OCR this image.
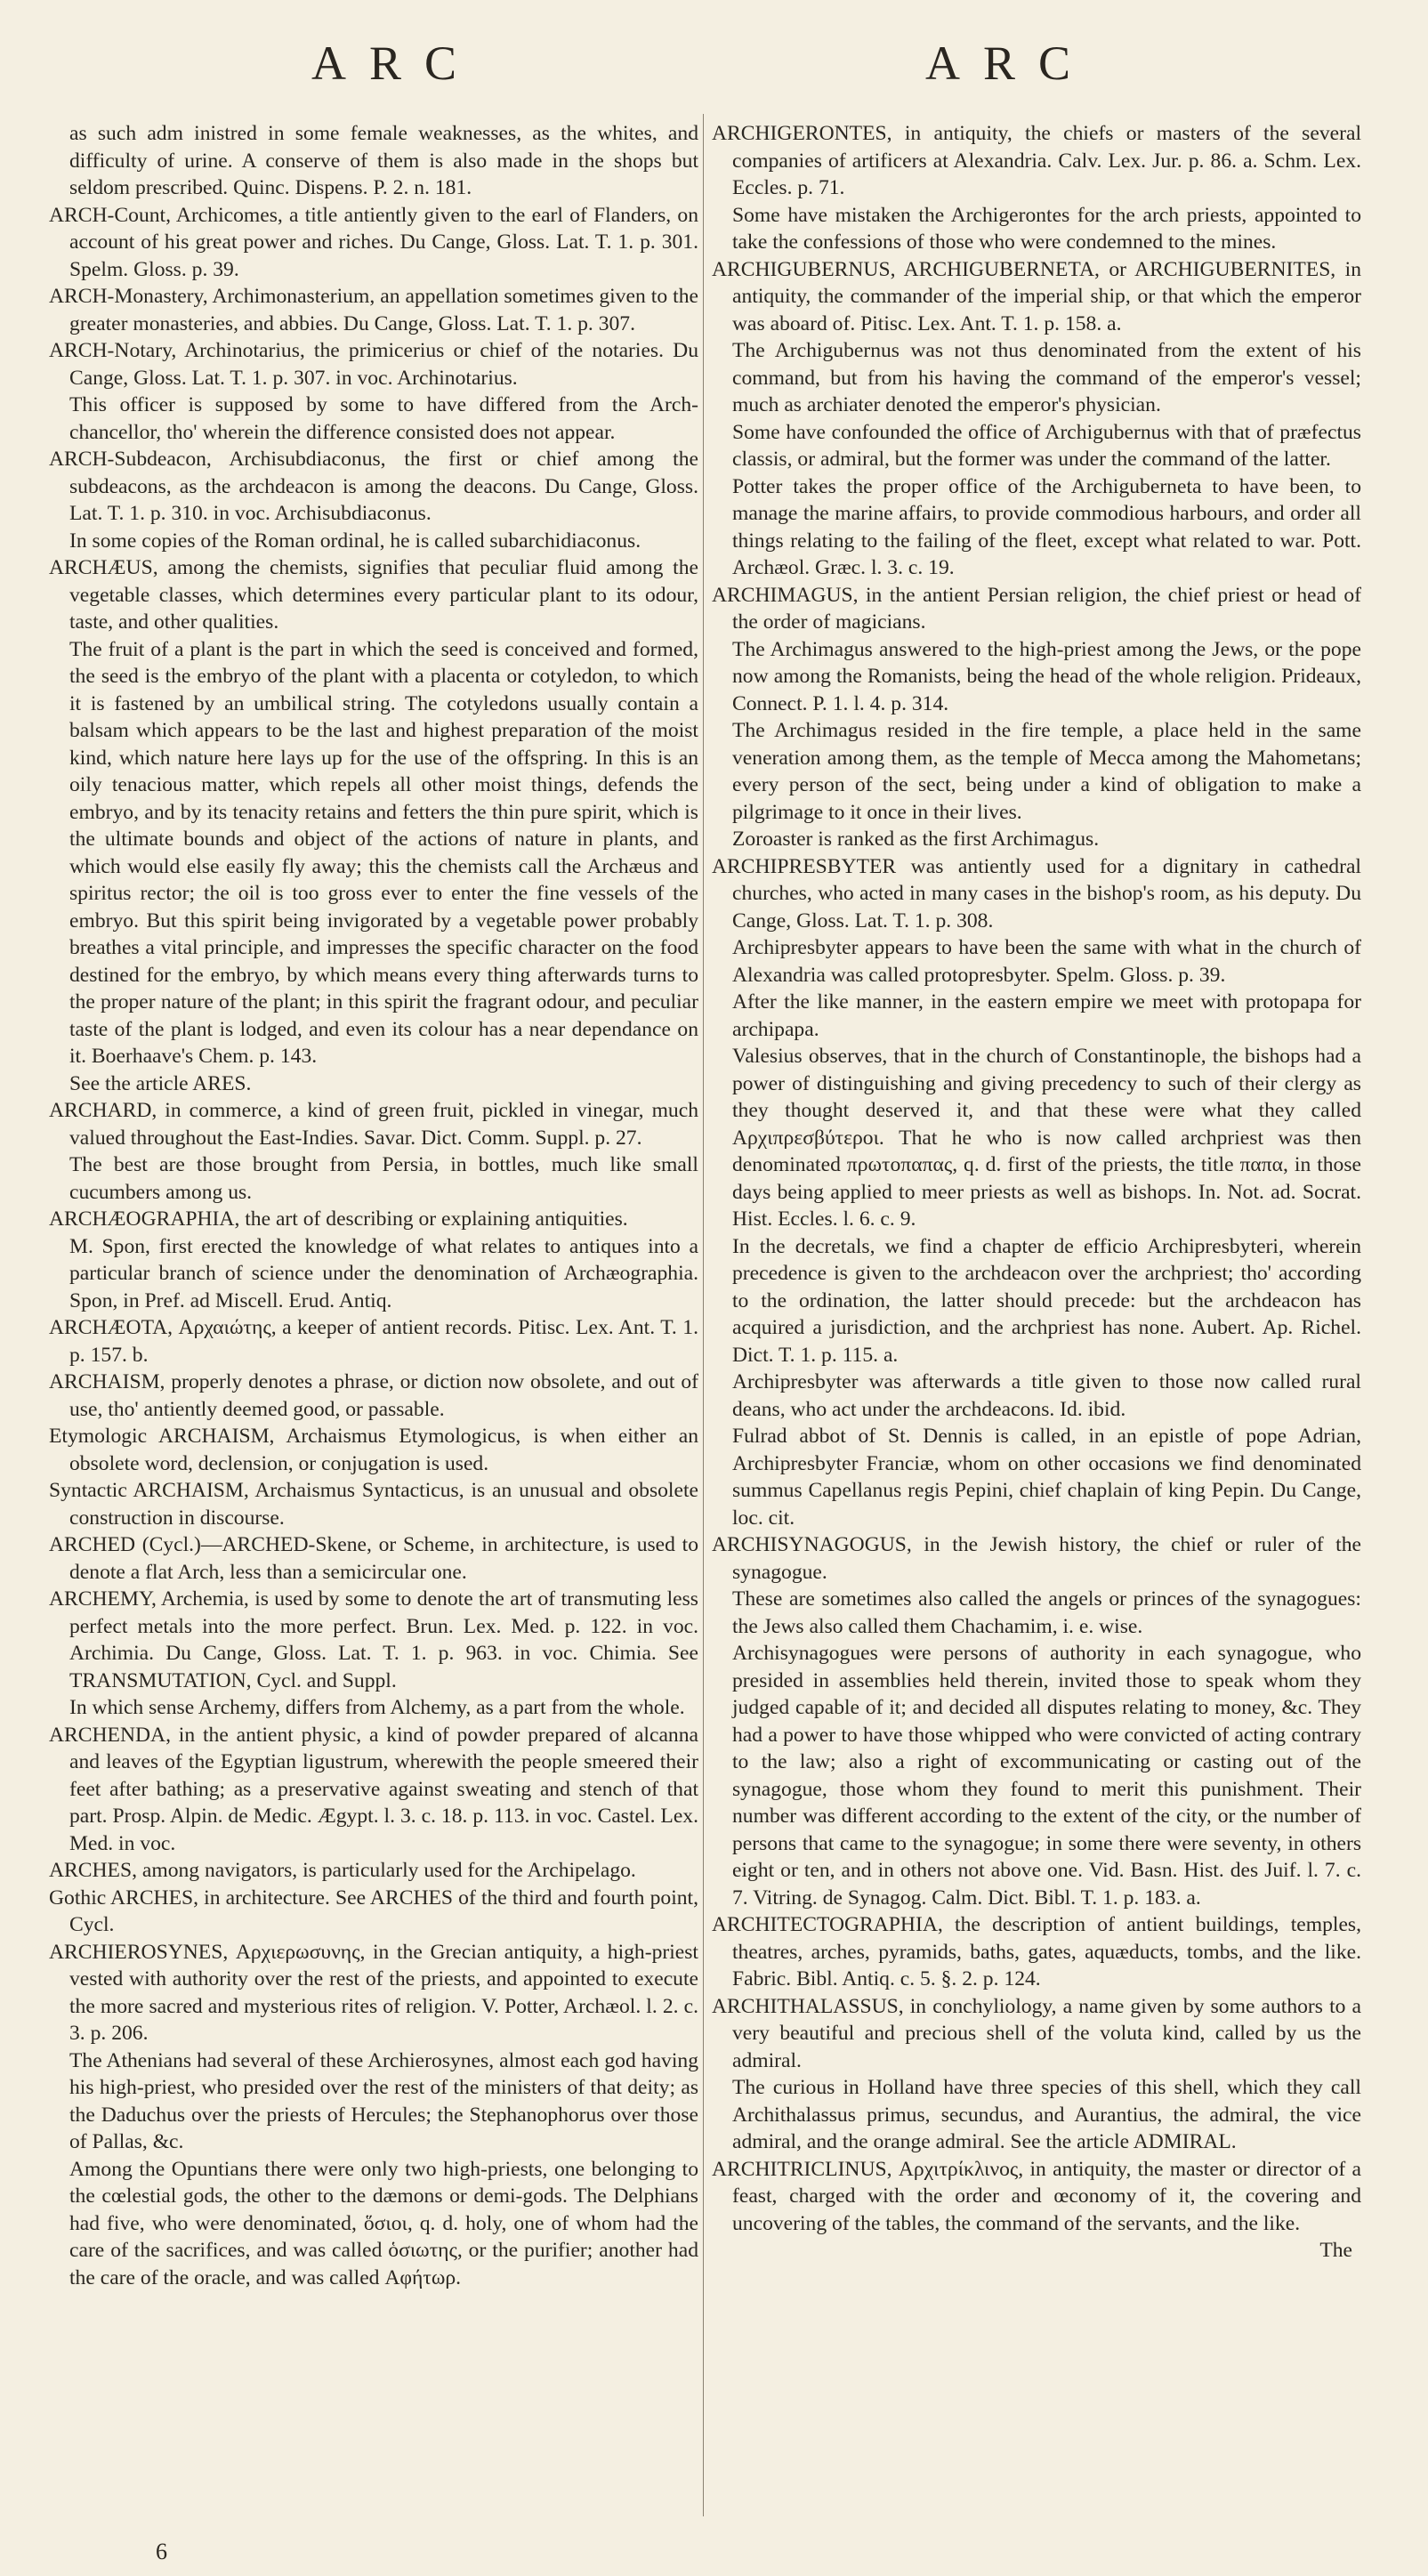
ARC	ARC

as such adm inistred in some female weaknesses, as the whites, and difficulty of urine. A conserve of them is also made in the shops but seldom prescribed. Quinc. Dispens. P. 2. n. 181.

ARCH-Count, Archicomes, a title antiently given to the earl of Flanders, on account of his great power and riches. Du Cange, Gloss. Lat. T. 1. p. 301. Spelm. Gloss. p. 39.

ARCH-Monastery, Archimonasterium, an appellation sometimes given to the greater monasteries, and abbies. Du Cange, Gloss. Lat. T. 1. p. 307.

ARCH-Notary, Archinotarius, the primicerius or chief of the notaries. Du Cange, Gloss. Lat. T. 1. p. 307. in voc. Archinotarius.

This officer is supposed by some to have differed from the Arch-chancellor, tho' wherein the difference consisted does not appear.

ARCH-Subdeacon, Archisubdiaconus, the first or chief among the subdeacons, as the archdeacon is among the deacons. Du Cange, Gloss. Lat. T. 1. p. 310. in voc. Archisubdiaconus.

In some copies of the Roman ordinal, he is called subarchidiaconus.

ARCHÆUS, among the chemists, signifies that peculiar fluid among the vegetable classes, which determines every particular plant to its odour, taste, and other qualities.

The fruit of a plant is the part in which the seed is conceived and formed, the seed is the embryo of the plant with a placenta or cotyledon, to which it is fastened by an umbilical string. The cotyledons usually contain a balsam which appears to be the last and highest preparation of the moist kind, which nature here lays up for the use of the offspring. In this is an oily tenacious matter, which repels all other moist things, defends the embryo, and by its tenacity retains and fetters the thin pure spirit, which is the ultimate bounds and object of the actions of nature in plants, and which would else easily fly away; this the chemists call the Archæus and spiritus rector; the oil is too gross ever to enter the fine vessels of the embryo. But this spirit being invigorated by a vegetable power probably breathes a vital principle, and impresses the specific character on the food destined for the embryo, by which means every thing afterwards turns to the proper nature of the plant; in this spirit the fragrant odour, and peculiar taste of the plant is lodged, and even its colour has a near dependance on it. Boerhaave's Chem. p. 143.

See the article ARES.

ARCHARD, in commerce, a kind of green fruit, pickled in vinegar, much valued throughout the East-Indies. Savar. Dict. Comm. Suppl. p. 27.

The best are those brought from Persia, in bottles, much like small cucumbers among us.

ARCHÆOGRAPHIA, the art of describing or explaining antiquities.

M. Spon, first erected the knowledge of what relates to antiques into a particular branch of science under the denomination of Archæographia. Spon, in Pref. ad Miscell. Erud. Antiq.

ARCHÆOTA, Αρχαιώτης, a keeper of antient records. Pitisc. Lex. Ant. T. 1. p. 157. b.

ARCHAISM, properly denotes a phrase, or diction now obsolete, and out of use, tho' antiently deemed good, or passable.

Etymologic ARCHAISM, Archaismus Etymologicus, is when either an obsolete word, declension, or conjugation is used.

Syntactic ARCHAISM, Archaismus Syntacticus, is an unusual and obsolete construction in discourse.

ARCHED (Cycl.)—ARCHED-Skene, or Scheme, in architecture, is used to denote a flat Arch, less than a semicircular one.

ARCHEMY, Archemia, is used by some to denote the art of transmuting less perfect metals into the more perfect. Brun. Lex. Med. p. 122. in voc. Archimia. Du Cange, Gloss. Lat. T. 1. p. 963. in voc. Chimia. See TRANSMUTATION, Cycl. and Suppl.

In which sense Archemy, differs from Alchemy, as a part from the whole.

ARCHENDA, in the antient physic, a kind of powder prepared of alcanna and leaves of the Egyptian ligustrum, wherewith the people smeered their feet after bathing; as a preservative against sweating and stench of that part. Prosp. Alpin. de Medic. Ægypt. l. 3. c. 18. p. 113. in voc. Castel. Lex. Med. in voc.

ARCHES, among navigators, is particularly used for the Archipelago.

Gothic ARCHES, in architecture. See ARCHES of the third and fourth point, Cycl.

ARCHIEROSYNES, Αρχιερωσυνης, in the Grecian antiquity, a high-priest vested with authority over the rest of the priests, and appointed to execute the more sacred and mysterious rites of religion. V. Potter, Archæol. l. 2. c. 3. p. 206.

The Athenians had several of these Archierosynes, almost each god having his high-priest, who presided over the rest of the ministers of that deity; as the Daduchus over the priests of Hercules; the Stephanophorus over those of Pallas, &c.

Among the Opuntians there were only two high-priests, one belonging to the cœlestial gods, the other to the dæmons or demi-gods. The Delphians had five, who were denominated, ὅσιοι, q. d. holy, one of whom had the care of the sacrifices, and was called ὁσιωτης, or the purifier; another had the care of the oracle, and was called Αφήτωρ.

ARCHIGERONTES, in antiquity, the chiefs or masters of the several companies of artificers at Alexandria. Calv. Lex. Jur. p. 86. a. Schm. Lex. Eccles. p. 71.

Some have mistaken the Archigerontes for the arch priests, appointed to take the confessions of those who were condemned to the mines.

ARCHIGUBERNUS, ARCHIGUBERNETA, or ARCHIGUBERNITES, in antiquity, the commander of the imperial ship, or that which the emperor was aboard of. Pitisc. Lex. Ant. T. 1. p. 158. a.

The Archigubernus was not thus denominated from the extent of his command, but from his having the command of the emperor's vessel; much as archiater denoted the emperor's physician.

Some have confounded the office of Archigubernus with that of præfectus classis, or admiral, but the former was under the command of the latter.

Potter takes the proper office of the Archiguberneta to have been, to manage the marine affairs, to provide commodious harbours, and order all things relating to the failing of the fleet, except what related to war. Pott. Archæol. Græc. l. 3. c. 19.

ARCHIMAGUS, in the antient Persian religion, the chief priest or head of the order of magicians.

The Archimagus answered to the high-priest among the Jews, or the pope now among the Romanists, being the head of the whole religion. Prideaux, Connect. P. 1. l. 4. p. 314.

The Archimagus resided in the fire temple, a place held in the same veneration among them, as the temple of Mecca among the Mahometans; every person of the sect, being under a kind of obligation to make a pilgrimage to it once in their lives.

Zoroaster is ranked as the first Archimagus.

ARCHIPRESBYTER was antiently used for a dignitary in cathedral churches, who acted in many cases in the bishop's room, as his deputy. Du Cange, Gloss. Lat. T. 1. p. 308.

Archipresbyter appears to have been the same with what in the church of Alexandria was called protopresbyter. Spelm. Gloss. p. 39.

After the like manner, in the eastern empire we meet with protopapa for archipapa.

Valesius observes, that in the church of Constantinople, the bishops had a power of distinguishing and giving precedency to such of their clergy as they thought deserved it, and that these were what they called Αρχιπρεσβύτεροι. That he who is now called archpriest was then denominated πρωτοπαπας, q. d. first of the priests, the title παπα, in those days being applied to meer priests as well as bishops. In. Not. ad. Socrat. Hist. Eccles. l. 6. c. 9.

In the decretals, we find a chapter de efficio Archipresbyteri, wherein precedence is given to the archdeacon over the archpriest; tho' according to the ordination, the latter should precede: but the archdeacon has acquired a jurisdiction, and the archpriest has none. Aubert. Ap. Richel. Dict. T. 1. p. 115. a.

Archipresbyter was afterwards a title given to those now called rural deans, who act under the archdeacons. Id. ibid.

Fulrad abbot of St. Dennis is called, in an epistle of pope Adrian, Archipresbyter Franciæ, whom on other occasions we find denominated summus Capellanus regis Pepini, chief chaplain of king Pepin. Du Cange, loc. cit.

ARCHISYNAGOGUS, in the Jewish history, the chief or ruler of the synagogue.

These are sometimes also called the angels or princes of the synagogues: the Jews also called them Chachamim, i. e. wise.

Archisynagogues were persons of authority in each synagogue, who presided in assemblies held therein, invited those to speak whom they judged capable of it; and decided all disputes relating to money, &c. They had a power to have those whipped who were convicted of acting contrary to the law; also a right of excommunicating or casting out of the synagogue, those whom they found to merit this punishment. Their number was different according to the extent of the city, or the number of persons that came to the synagogue; in some there were seventy, in others eight or ten, and in others not above one. Vid. Basn. Hist. des Juif. l. 7. c. 7. Vitring. de Synagog. Calm. Dict. Bibl. T. 1. p. 183. a.

ARCHITECTOGRAPHIA, the description of antient buildings, temples, theatres, arches, pyramids, baths, gates, aquæducts, tombs, and the like. Fabric. Bibl. Antiq. c. 5. §. 2. p. 124.

ARCHITHALASSUS, in conchyliology, a name given by some authors to a very beautiful and precious shell of the voluta kind, called by us the admiral.

The curious in Holland have three species of this shell, which they call Archithalassus primus, secundus, and Aurantius, the admiral, the vice admiral, and the orange admiral. See the article ADMIRAL.

ARCHITRICLINUS, Αρχιτρίκλινος, in antiquity, the master or director of a feast, charged with the order and œconomy of it, the covering and uncovering of the tables, the command of the servants, and the like.

The

6
